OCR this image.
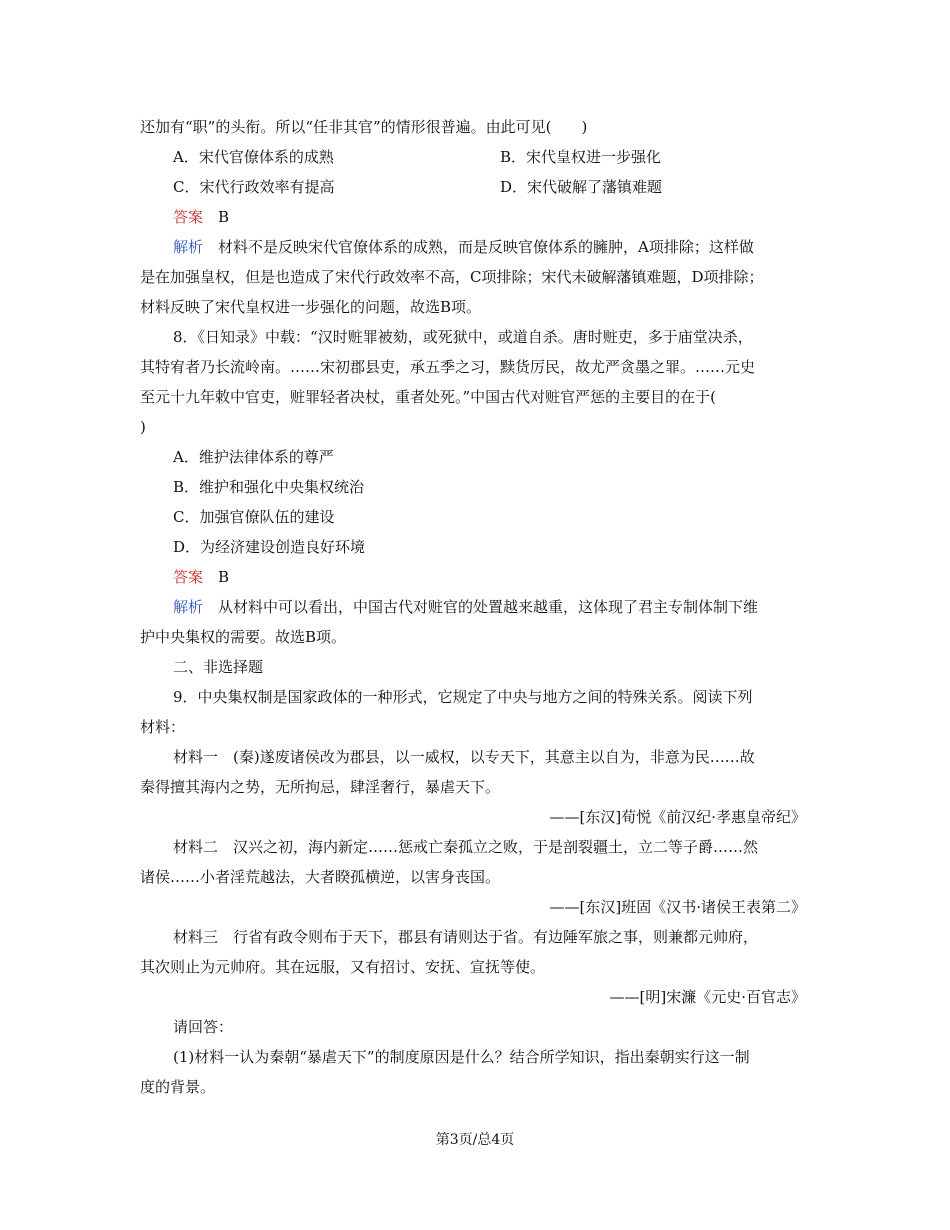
还加有“职”的头衔。所以“任非其官”的情形很普遍。由此可见(　　)
A．宋代官僚体系的成熟	B．宋代皇权进一步强化
C．宋代行政效率有提高	D．宋代破解了藩镇难题
答案  B
解析  材料不是反映宋代官僚体系的成熟，而是反映官僚体系的臃肿，A项排除；这样做
是在加强皇权，但是也造成了宋代行政效率不高，C项排除；宋代未破解藩镇难题，D项排除；
材料反映了宋代皇权进一步强化的问题，故选B项。
8．《日知录》中载：“汉时赃罪被劾，或死狱中，或道自杀。唐时赃吏，多于庙堂决杀，
其特宥者乃长流岭南。……宋初郡县吏，承五季之习，黩货厉民，故尤严贪墨之罪。……元史
至元十九年敕中官吏，赃罪轻者决杖，重者处死。”中国古代对赃官严惩的主要目的在于(
)
A．维护法律体系的尊严
B．维护和强化中央集权统治
C．加强官僚队伍的建设
D．为经济建设创造良好环境
答案  B
解析  从材料中可以看出，中国古代对赃官的处置越来越重，这体现了君主专制体制下维
护中央集权的需要。故选B项。
二、非选择题
9．中央集权制是国家政体的一种形式，它规定了中央与地方之间的特殊关系。阅读下列
材料：
材料一  (秦)遂废诸侯改为郡县，以一威权，以专天下，其意主以自为，非意为民……故
秦得擅其海内之势，无所拘忌，肆淫奢行，暴虐天下。
——[东汉]荀悦《前汉纪·孝惠皇帝纪》
材料二  汉兴之初，海内新定……惩戒亡秦孤立之败，于是剖裂疆土，立二等子爵……然
诸侯……小者淫荒越法，大者睽孤横逆，以害身丧国。
——[东汉]班固《汉书·诸侯王表第二》
材料三  行省有政令则布于天下，郡县有请则达于省。有边陲军旅之事，则兼都元帅府，
其次则止为元帅府。其在远服，又有招讨、安抚、宣抚等使。
——[明]宋濂《元史·百官志》
请回答：
(1)材料一认为秦朝“暴虐天下”的制度原因是什么？结合所学知识，指出秦朝实行这一制
度的背景。
第3页/总4页
